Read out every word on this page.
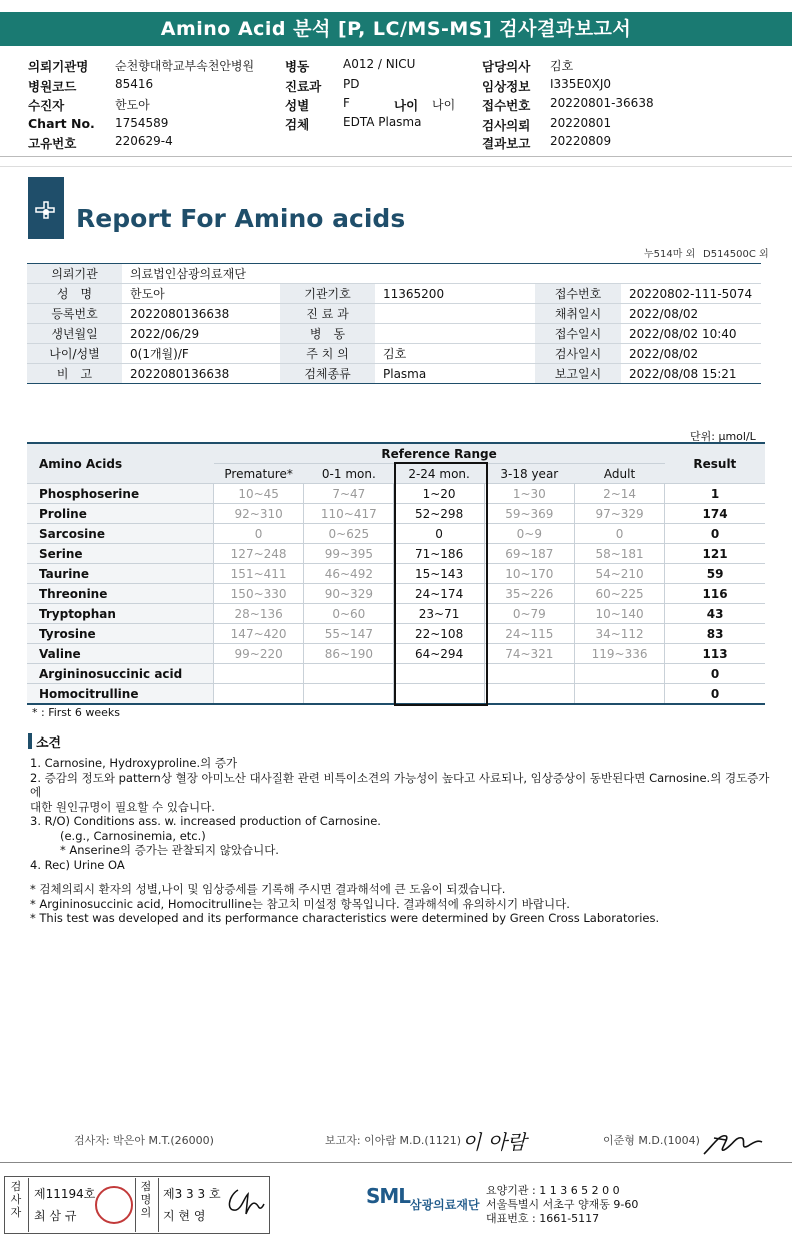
Amino Acid 분석 [P, LC/MS-MS] 검사결과보고서
의뢰기관명 순천향대학교부속천안병원
병원코드	85416
수진자	한도아
Chart No. 1754589
고유번호	220629-4
병동	A012 / NICU
진료과 PD
성별	F	나이 나이
검체	EDTA Plasma
담당의사 김호
임상정보 I335E0XJ0
접수번호 20220801-36638
검사의뢰 20220801
결과보고 20220809
Report For Amino acids
누514마 외 D514500C 외
의뢰기관	의료법인삼광의료재단				
성　명	한도아	기관기호	11365200	접수번호	20220802-111-5074
등록번호	2022080136638	진 료 과		채취일시	2022/08/02
생년월일	2022/06/29	병　동		접수일시	2022/08/02 10:40
나이/성별	0(1개월)/F	주 치 의	김호	검사일시	2022/08/02
비　고	2022080136638	검체종류	Plasma	보고일시	2022/08/08 15:21
단위: μmol/L
Amino Acids	Reference Range					Result
	Premature*	0-1 mon.	2-24 mon.	3-18 year	Adult	
Phosphoserine	10~45	7~47	1~20	1~30	2~14	1
Proline	92~310	110~417	52~298	59~369	97~329	174
Sarcosine	0	0~625	0	0~9	0	0
Serine	127~248	99~395	71~186	69~187	58~181	121
Taurine	151~411	46~492	15~143	10~170	54~210	59
Threonine	150~330	90~329	24~174	35~226	60~225	116
Tryptophan	28~136	0~60	23~71	0~79	10~140	43
Tyrosine	147~420	55~147	22~108	24~115	34~112	83
Valine	99~220	86~190	64~294	74~321	119~336	113
Argininosuccinic acid						0
Homocitrulline						0
* : First 6 weeks
소견
1. Carnosine, Hydroxyproline.의 증가
2. 증감의 정도와 pattern상 혈장 아미노산 대사질환 관련 비특이소견의 가능성이 높다고 사료되나, 임상증상이 동반된다면 Carnosine.의 경도증가에
대한 원인규명이 필요할 수 있습니다.
3. R/O) Conditions ass. w. increased production of Carnosine.
(e.g., Carnosinemia, etc.)
* Anserine의 증가는 관찰되지 않았습니다.
4. Rec) Urine OA
* 검체의뢰시 환자의 성별,나이 및 임상증세를 기록해 주시면 결과해석에 큰 도움이 되겠습니다.
* Argininosuccinic acid, Homocitrulline는 참고치 미설정 항목입니다. 결과해석에 유의하시기 바랍니다.
* This test was developed and its performance characteristics were determined by Green Cross Laboratories.
검사자: 박은아 M.T.(26000)	보고자: 이아람 M.D.(1121) 이 아람	이준형 M.D.(1004)
검사자
제11194호
최 삼 규
점명의
제3 3 3 호
지 현 영
SML 삼광의료재단
요양기관 : 1 1 3 6 5 2 0 0
서울특별시 서초구 양재동 9-60
대표번호 : 1661-5117
